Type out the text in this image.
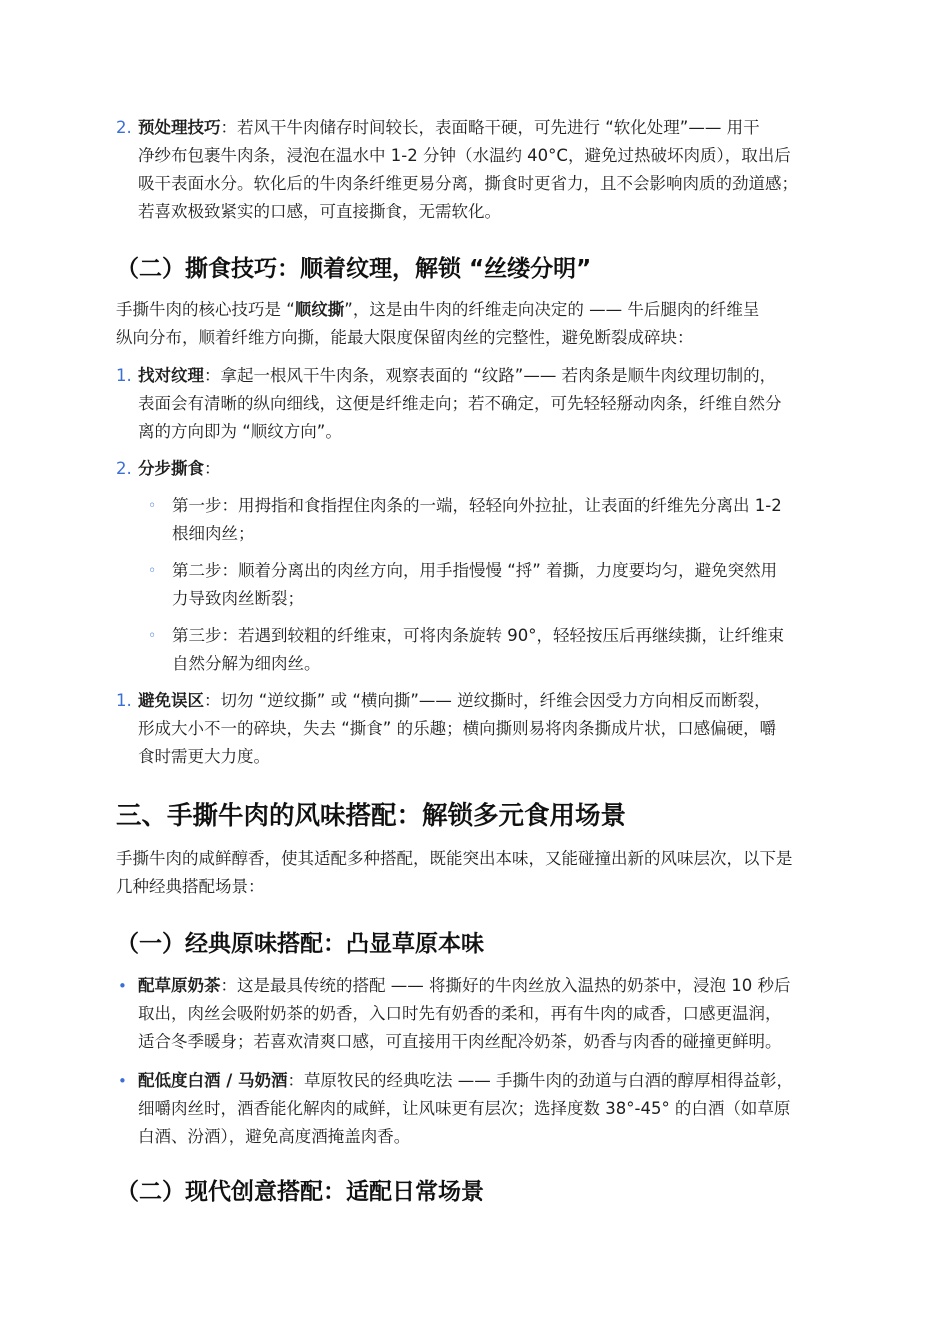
2. 预处理技巧：若风干牛肉储存时间较长，表面略干硬，可先进行 “软化处理”—— 用干
净纱布包裹牛肉条，浸泡在温水中 1-2 分钟（水温约 40°C，避免过热破坏肉质），取出后
吸干表面水分。软化后的牛肉条纤维更易分离，撕食时更省力，且不会影响肉质的劲道感；
若喜欢极致紧实的口感，可直接撕食，无需软化。
（二）撕食技巧：顺着纹理，解锁 “丝缕分明”
手撕牛肉的核心技巧是 “顺纹撕”，这是由牛肉的纤维走向决定的 —— 牛后腿肉的纤维呈
纵向分布，顺着纤维方向撕，能最大限度保留肉丝的完整性，避免断裂成碎块：
1. 找对纹理：拿起一根风干牛肉条，观察表面的 “纹路”—— 若肉条是顺牛肉纹理切制的，
表面会有清晰的纵向细线，这便是纤维走向；若不确定，可先轻轻掰动肉条，纤维自然分
离的方向即为 “顺纹方向”。
2. 分步撕食：
◦ 第一步：用拇指和食指捏住肉条的一端，轻轻向外拉扯，让表面的纤维先分离出 1-2
根细肉丝；
◦ 第二步：顺着分离出的肉丝方向，用手指慢慢 “捋” 着撕，力度要均匀，避免突然用
力导致肉丝断裂；
◦ 第三步：若遇到较粗的纤维束，可将肉条旋转 90°，轻轻按压后再继续撕，让纤维束
自然分解为细肉丝。
1. 避免误区：切勿 “逆纹撕” 或 “横向撕”—— 逆纹撕时，纤维会因受力方向相反而断裂，
形成大小不一的碎块，失去 “撕食” 的乐趣；横向撕则易将肉条撕成片状，口感偏硬，嚼
食时需更大力度。
三、手撕牛肉的风味搭配：解锁多元食用场景
手撕牛肉的咸鲜醇香，使其适配多种搭配，既能突出本味，又能碰撞出新的风味层次，以下是
几种经典搭配场景：
（一）经典原味搭配：凸显草原本味
• 配草原奶茶：这是最具传统的搭配 —— 将撕好的牛肉丝放入温热的奶茶中，浸泡 10 秒后
取出，肉丝会吸附奶茶的奶香，入口时先有奶香的柔和，再有牛肉的咸香，口感更温润，
适合冬季暖身；若喜欢清爽口感，可直接用干肉丝配冷奶茶，奶香与肉香的碰撞更鲜明。
• 配低度白酒 / 马奶酒：草原牧民的经典吃法 —— 手撕牛肉的劲道与白酒的醇厚相得益彰，
细嚼肉丝时，酒香能化解肉的咸鲜，让风味更有层次；选择度数 38°-45° 的白酒（如草原
白酒、汾酒），避免高度酒掩盖肉香。
（二）现代创意搭配：适配日常场景
